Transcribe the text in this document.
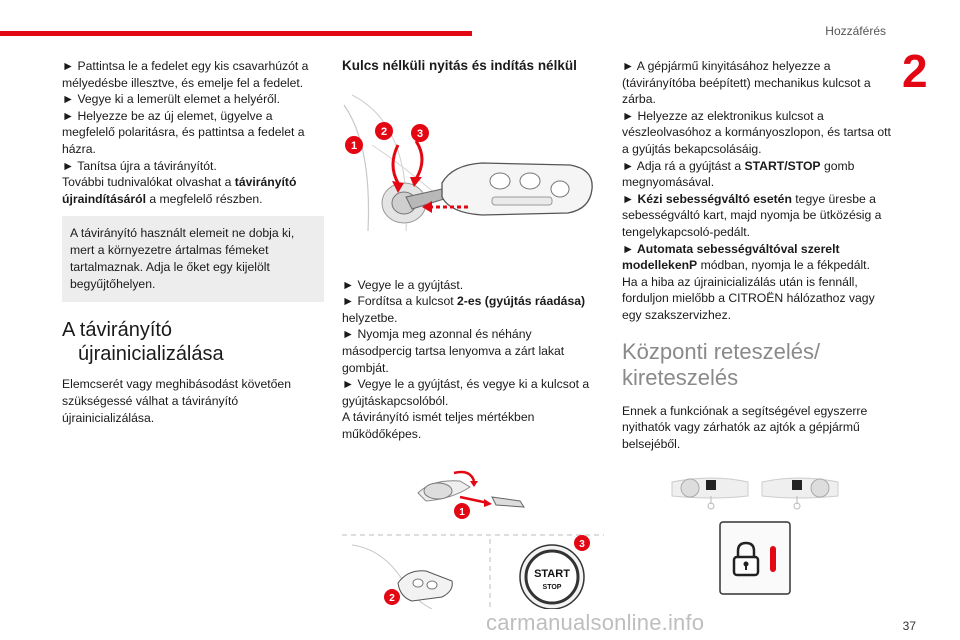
Hozzáférés
2

► Pattintsa le a fedelet egy kis csavarhúzót a mélyedésbe illesztve, és emelje fel a fedelet.

► Vegye ki a lemerült elemet a helyéről.

► Helyezze be az új elemet, ügyelve a megfelelő polaritásra, és pattintsa a fedelet a házra.

► Tanítsa újra a távirányítót.

További tudnivalókat olvashat a távirányító újraindításáról a megfelelő részben.

A távirányító használt elemeit ne dobja ki, mert a környezetre ártalmas fémeket tartalmaznak. Adja le őket egy kijelölt begyűjtőhelyen.
A távirányító
újrainicializálása

Elemcserét vagy meghibásodást követően szükségessé válhat a távirányító újrainicializálása.

Kulcs nélküli nyitás és indítás nélkül
1
2	3

► Vegye le a gyújtást.

► Fordítsa a kulcsot 2-es (gyújtás ráadása) helyzetbe.

► Nyomja meg azonnal és néhány másodpercig tartsa lenyomva a zárt lakat gombját.

► Vegye le a gyújtást, és vegye ki a kulcsot a gyújtáskapcsolóból.

A távirányító ismét teljes mértékben működőképes.

1
2
START
STOP
3

► A gépjármű kinyitásához helyezze a (távirányítóba beépített) mechanikus kulcsot a zárba.

► Helyezze az elektronikus kulcsot a vészleolvasóhoz a kormányoszlopon, és tartsa ott a gyújtás bekapcsolásáig.

► Adja rá a gyújtást a START/STOP gomb megnyomásával.

► Kézi sebességváltó esetén tegye üresbe a sebességváltó kart, majd nyomja be ütközésig a tengelykapcsoló-pedált.

► Automata sebességváltóval szerelt modellekenP módban, nyomja le a fékpedált.

Ha a hiba az újrainicializálás után is fennáll, forduljon mielőbb a CITROËN hálózathoz vagy egy szakszervizhez.

Központi reteszelés/
kireteszelés

Ennek a funkciónak a segítségével egyszerre nyithatók vagy zárhatók az ajtók a gépjármű belsejéből.

carmanualsonline.info	37
